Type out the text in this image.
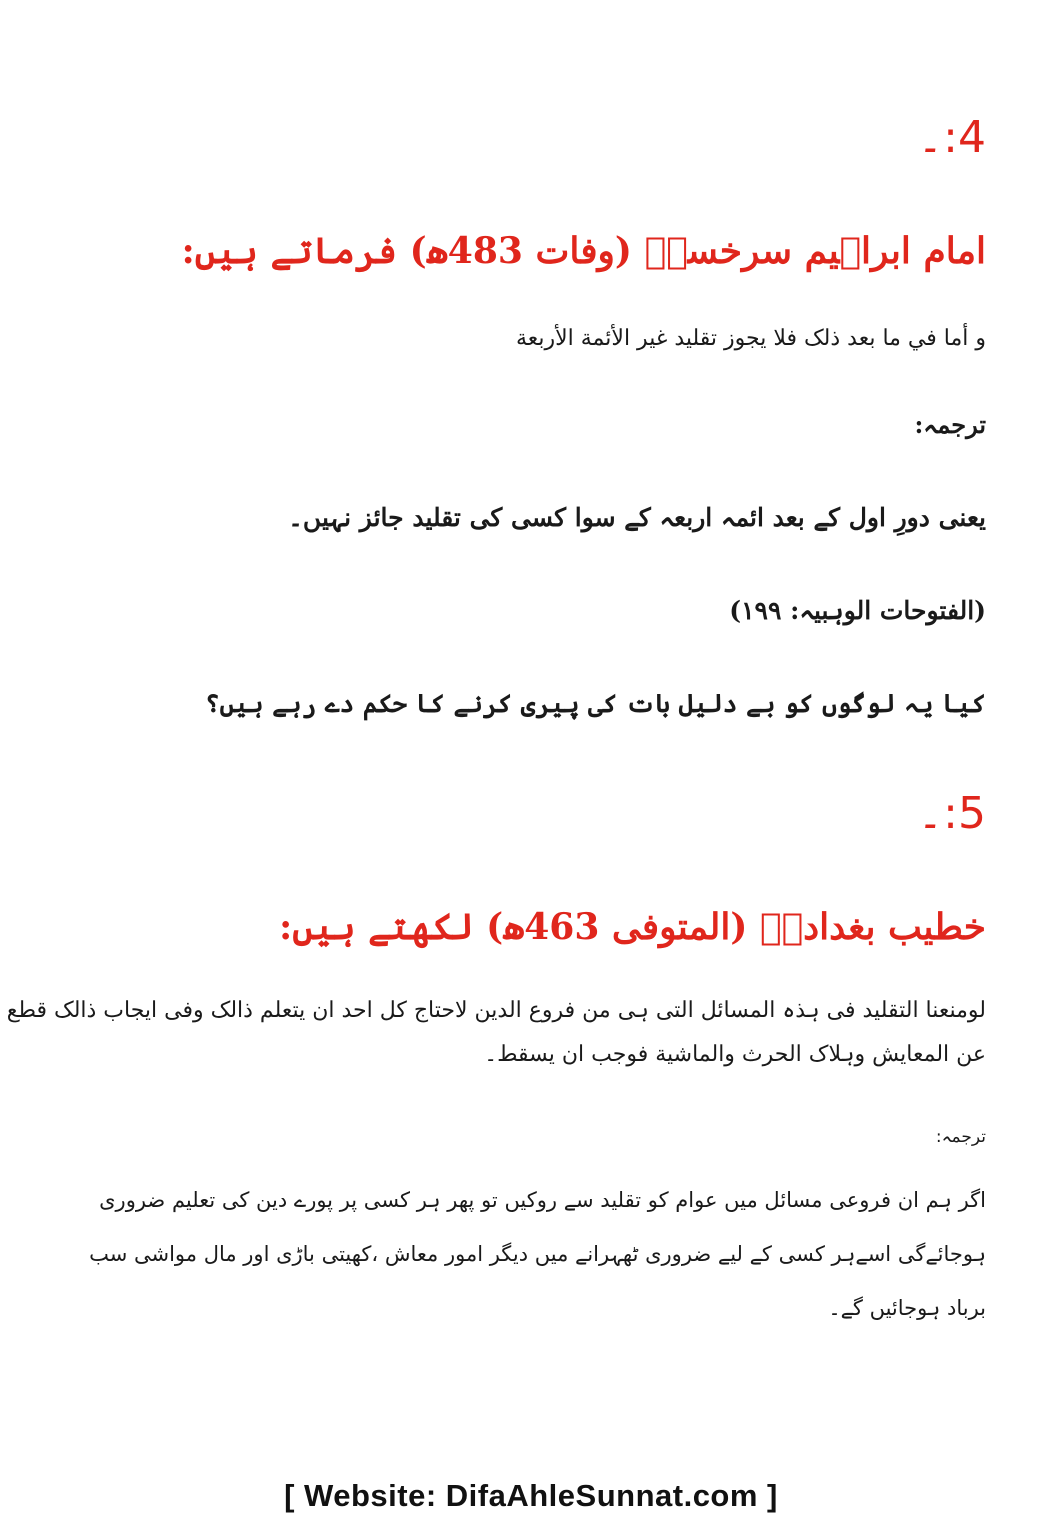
4:۔
امام ابراہیم سرخسیؒ (وفات 483ھ) فرماتے ہیں:
و أما في ما بعد ذلک فلا يجوز تقليد غير الأئمة الأربعة
ترجمہ:
یعنی دورِ اول کے بعد ائمہ اربعہ کے سوا کسی کی تقلید جائز نہیں۔
(الفتوحات الوہبیہ: ۱۹۹)
کیا یہ لوگوں کو بے دلیل بات کی پیری کرنے کا حکم دے رہے ہیں؟
5:۔
خطیب بغدادیؒ (المتوفی 463ھ) لکھتے ہیں:
لومنعنا التقليد فی ہذہ المسائل التی ہی من فروع الدين لاحتاج كل احد ان يتعلم ذالک وفی ايجاب ذالک قطع
عن المعايش وہلاک الحرث والماشية فوجب ان يسقط۔
ترجمہ:
اگر ہم ان فروعی مسائل میں عوام کو تقلید سے روکیں تو پھر ہر کسی پر پورے دین کی تعلیم ضروری
ہوجائےگی اسےہر کسی کے لیے ضروری ٹھہرانے میں دیگر امور معاش ،کھیتی باڑی اور مال مواشی سب
برباد ہوجائیں گے۔
[ Website: DifaAhleSunnat.com ]
